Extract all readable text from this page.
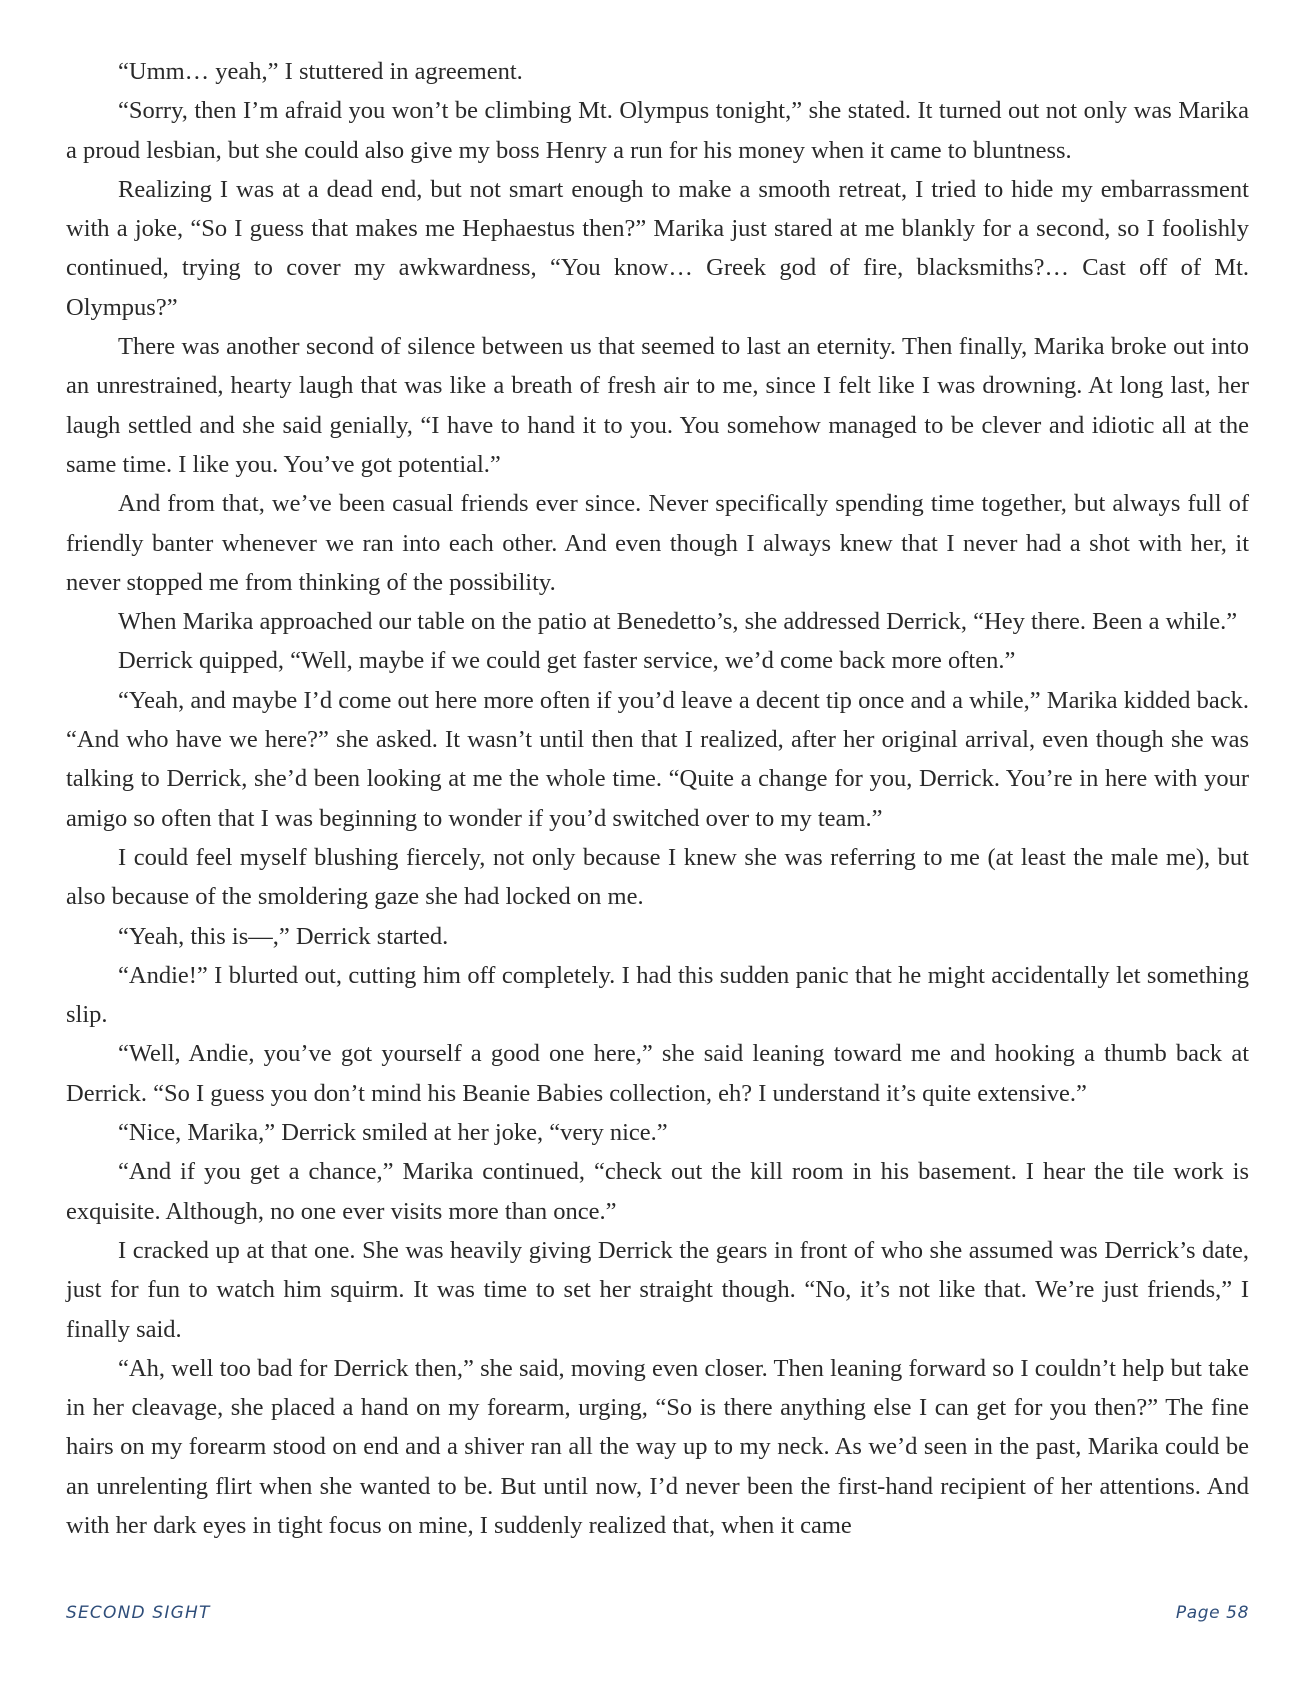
“Umm… yeah,” I stuttered in agreement.

“Sorry, then I’m afraid you won’t be climbing Mt. Olympus tonight,” she stated. It turned out not only was Marika a proud lesbian, but she could also give my boss Henry a run for his money when it came to bluntness.

Realizing I was at a dead end, but not smart enough to make a smooth retreat, I tried to hide my embarrassment with a joke, “So I guess that makes me Hephaestus then?” Marika just stared at me blankly for a second, so I foolishly continued, trying to cover my awkwardness, “You know… Greek god of fire, blacksmiths?… Cast off of Mt. Olympus?”

There was another second of silence between us that seemed to last an eternity. Then finally, Marika broke out into an unrestrained, hearty laugh that was like a breath of fresh air to me, since I felt like I was drowning. At long last, her laugh settled and she said genially, “I have to hand it to you. You somehow managed to be clever and idiotic all at the same time. I like you. You’ve got potential.”

And from that, we’ve been casual friends ever since. Never specifically spending time together, but always full of friendly banter whenever we ran into each other. And even though I always knew that I never had a shot with her, it never stopped me from thinking of the possibility.

When Marika approached our table on the patio at Benedetto’s, she addressed Derrick, “Hey there. Been a while.”

Derrick quipped, “Well, maybe if we could get faster service, we’d come back more often.”

“Yeah, and maybe I’d come out here more often if you’d leave a decent tip once and a while,” Marika kidded back. “And who have we here?” she asked. It wasn’t until then that I realized, after her original arrival, even though she was talking to Derrick, she’d been looking at me the whole time. “Quite a change for you, Derrick. You’re in here with your amigo so often that I was beginning to wonder if you’d switched over to my team.”

I could feel myself blushing fiercely, not only because I knew she was referring to me (at least the male me), but also because of the smoldering gaze she had locked on me.

“Yeah, this is—,” Derrick started.

“Andie!” I blurted out, cutting him off completely. I had this sudden panic that he might accidentally let something slip.

“Well, Andie, you’ve got yourself a good one here,” she said leaning toward me and hooking a thumb back at Derrick. “So I guess you don’t mind his Beanie Babies collection, eh? I understand it’s quite extensive.”

“Nice, Marika,” Derrick smiled at her joke, “very nice.”

“And if you get a chance,” Marika continued, “check out the kill room in his basement. I hear the tile work is exquisite. Although, no one ever visits more than once.”

I cracked up at that one. She was heavily giving Derrick the gears in front of who she assumed was Derrick’s date, just for fun to watch him squirm. It was time to set her straight though. “No, it’s not like that. We’re just friends,” I finally said.

“Ah, well too bad for Derrick then,” she said, moving even closer. Then leaning forward so I couldn’t help but take in her cleavage, she placed a hand on my forearm, urging, “So is there anything else I can get for you then?” The fine hairs on my forearm stood on end and a shiver ran all the way up to my neck. As we’d seen in the past, Marika could be an unrelenting flirt when she wanted to be. But until now, I’d never been the first-hand recipient of her attentions. And with her dark eyes in tight focus on mine, I suddenly realized that, when it came

SECOND SIGHT	Page 58
